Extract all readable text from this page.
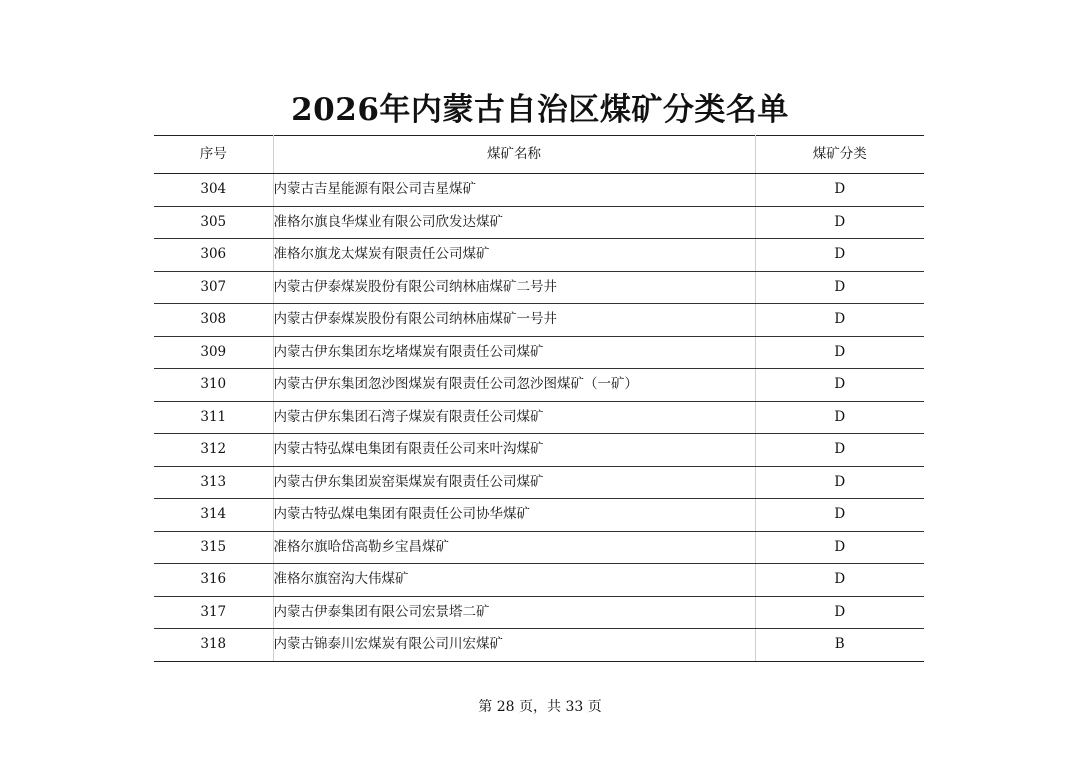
2026年内蒙古自治区煤矿分类名单
序号	煤矿名称	煤矿分类
304	内蒙古吉星能源有限公司吉星煤矿	D
305	准格尔旗良华煤业有限公司欣发达煤矿	D
306	准格尔旗龙太煤炭有限责任公司煤矿	D
307	内蒙古伊泰煤炭股份有限公司纳林庙煤矿二号井	D
308	内蒙古伊泰煤炭股份有限公司纳林庙煤矿一号井	D
309	内蒙古伊东集团东圪堵煤炭有限责任公司煤矿	D
310	内蒙古伊东集团忽沙图煤炭有限责任公司忽沙图煤矿（一矿）	D
311	内蒙古伊东集团石湾子煤炭有限责任公司煤矿	D
312	内蒙古特弘煤电集团有限责任公司来叶沟煤矿	D
313	内蒙古伊东集团炭窑渠煤炭有限责任公司煤矿	D
314	内蒙古特弘煤电集团有限责任公司协华煤矿	D
315	准格尔旗哈岱高勒乡宝昌煤矿	D
316	准格尔旗窑沟大伟煤矿	D
317	内蒙古伊泰集团有限公司宏景塔二矿	D
318	内蒙古锦泰川宏煤炭有限公司川宏煤矿	B
第 28 页，共 33 页
